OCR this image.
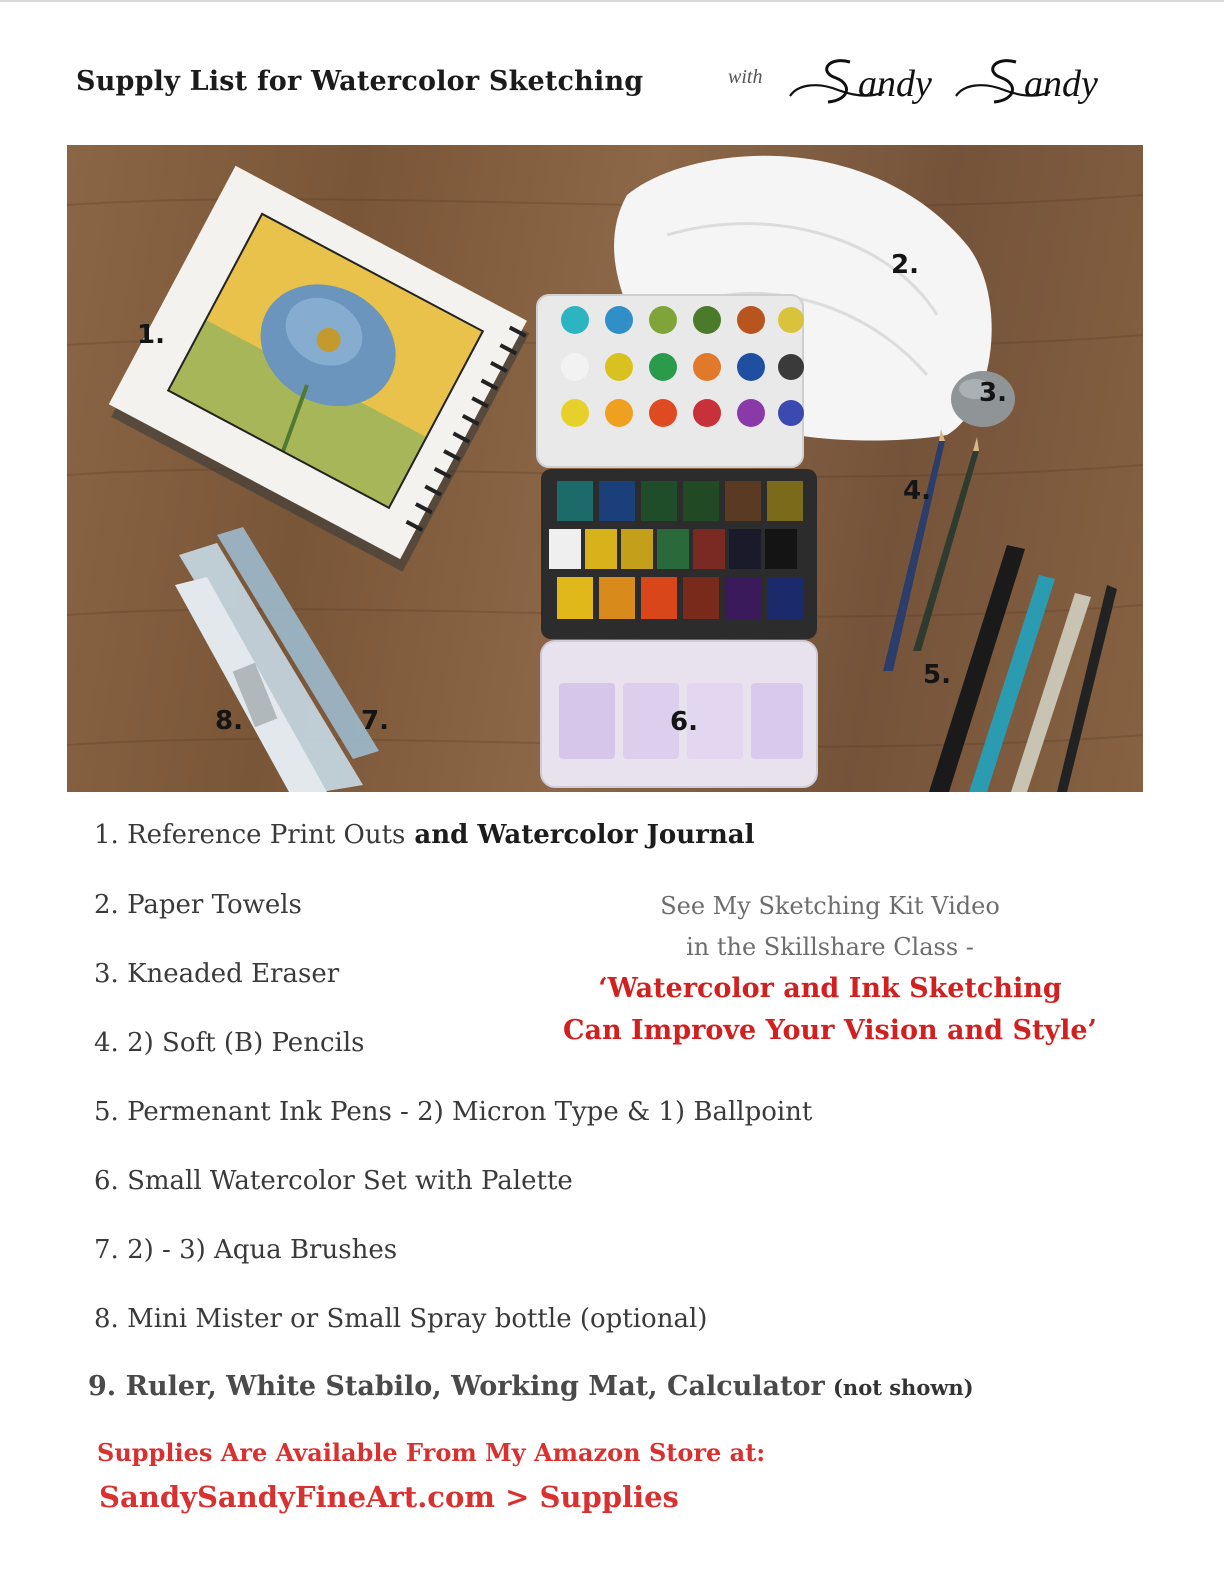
Supply List for Watercolor Sketching	with	andy andy
1.
2.
3.
4.
5.
6.
7.
8.
1. Reference Print Outs and Watercolor Journal
2. Paper Towels
3. Kneaded Eraser
4. 2) Soft (B) Pencils
5. Permenant Ink Pens - 2) Micron Type & 1) Ballpoint
6. Small Watercolor Set with Palette
7. 2) - 3) Aqua Brushes
8. Mini Mister or Small Spray bottle (optional)
9. Ruler, White Stabilo, Working Mat, Calculator (not shown)
See My Sketching Kit Video
in the Skillshare Class -
‘Watercolor and Ink Sketching
Can Improve Your Vision and Style’
Supplies Are Available From My Amazon Store at:
SandySandyFineArt.com > Supplies
